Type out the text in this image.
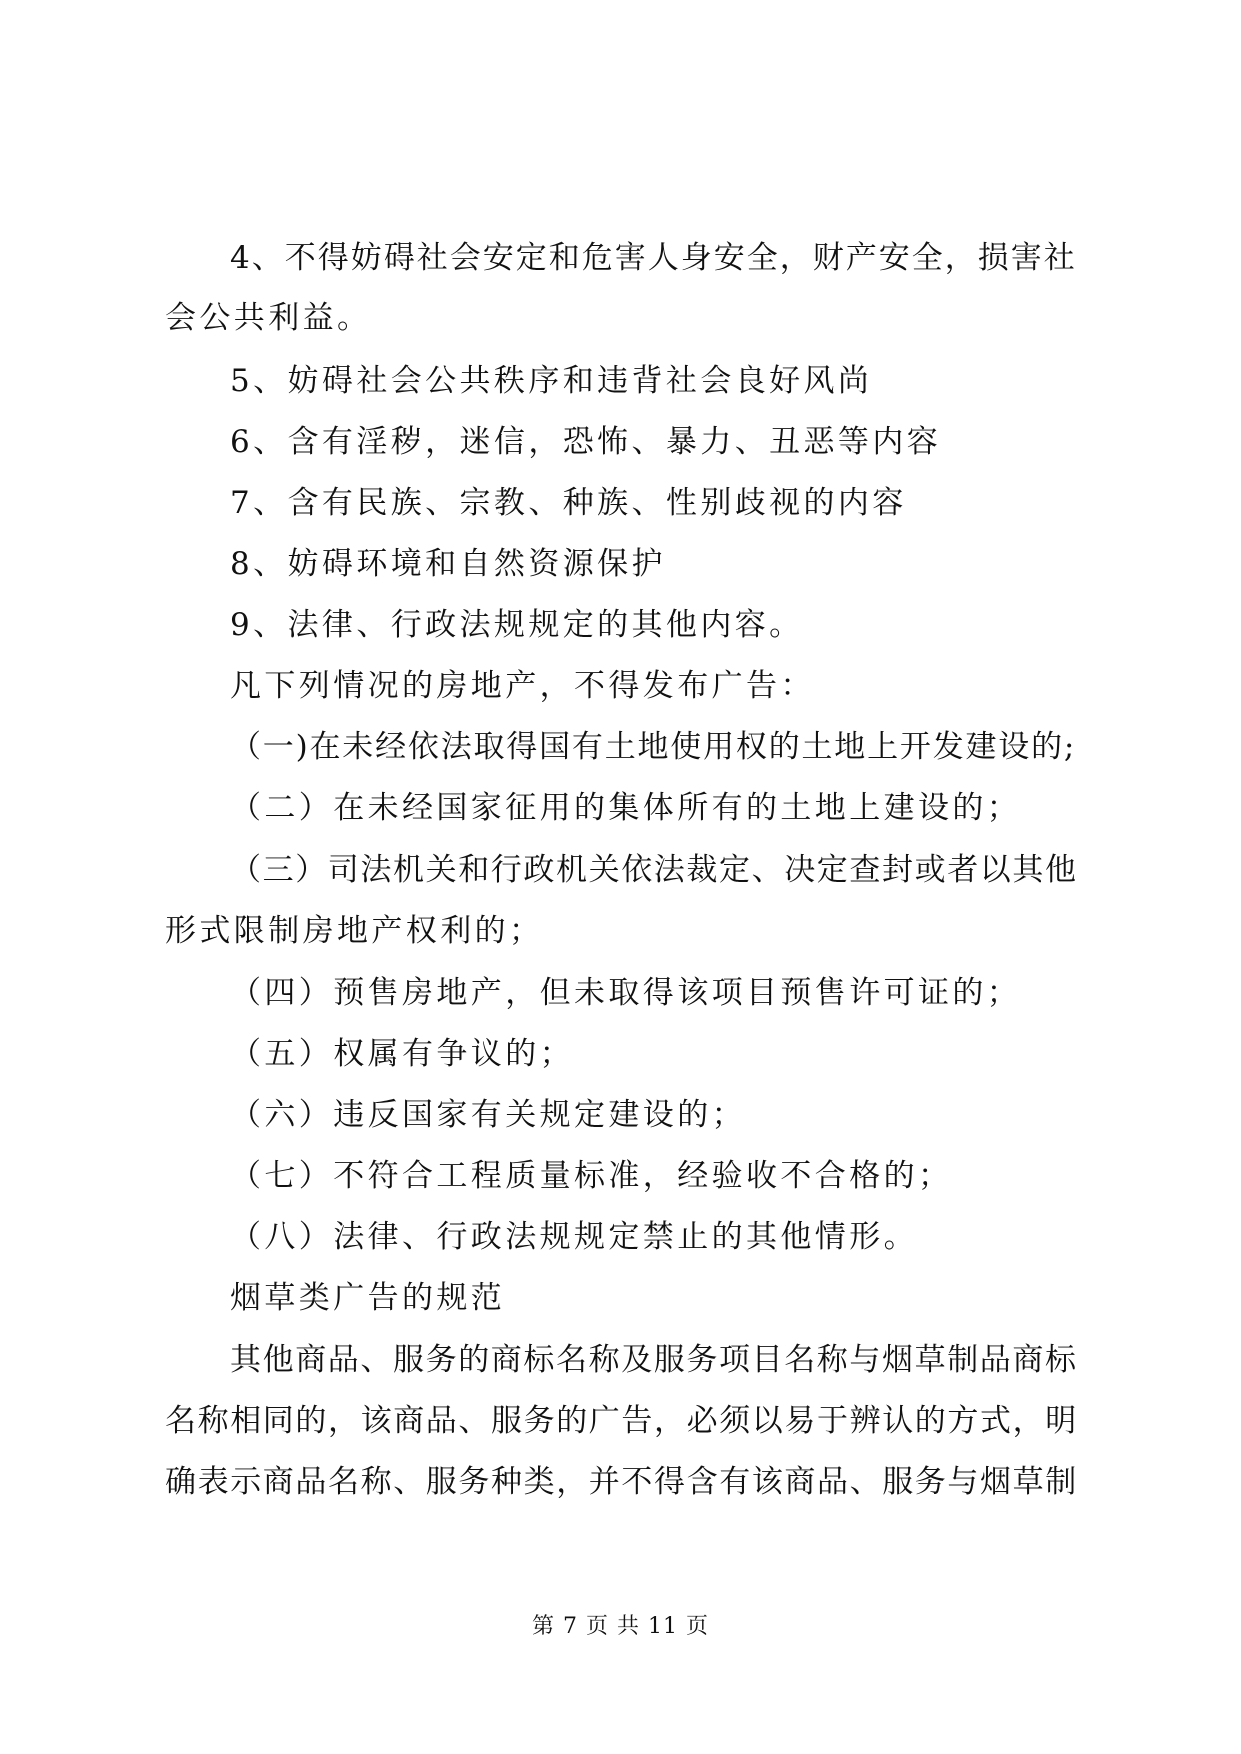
4、不得妨碍社会安定和危害人身安全，财产安全，损害社
会公共利益。
5、妨碍社会公共秩序和违背社会良好风尚
6、含有淫秽，迷信，恐怖、暴力、丑恶等内容
7、含有民族、宗教、种族、性别歧视的内容
8、妨碍环境和自然资源保护
9、法律、行政法规规定的其他内容。
凡下列情况的房地产，不得发布广告：
（一)在未经依法取得国有土地使用权的土地上开发建设的;
（二）在未经国家征用的集体所有的土地上建设的；
（三）司法机关和行政机关依法裁定、决定查封或者以其他
形式限制房地产权利的；
（四）预售房地产，但未取得该项目预售许可证的；
（五）权属有争议的；
（六）违反国家有关规定建设的；
（七）不符合工程质量标准，经验收不合格的；
（八）法律、行政法规规定禁止的其他情形。
烟草类广告的规范
其他商品、服务的商标名称及服务项目名称与烟草制品商标
名称相同的，该商品、服务的广告，必须以易于辨认的方式，明
确表示商品名称、服务种类，并不得含有该商品、服务与烟草制
第 7 页 共 11 页
